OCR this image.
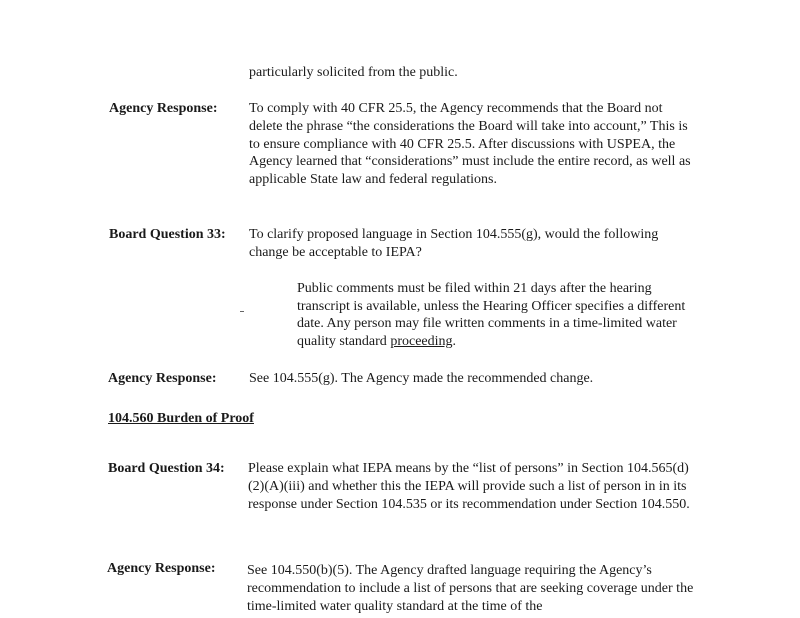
particularly solicited from the public.
Agency Response: To comply with 40 CFR 25.5, the Agency recommends that the Board not delete the phrase “the considerations the Board will take into account,” This is to ensure compliance with 40 CFR 25.5. After discussions with USPEA, the Agency learned that “considerations” must include the entire record, as well as applicable State law and federal regulations.
Board Question 33: To clarify proposed language in Section 104.555(g), would the following change be acceptable to IEPA?
Public comments must be filed within 21 days after the hearing transcript is available, unless the Hearing Officer specifies a different date. Any person may file written comments in a time-limited water quality standard proceeding.
Agency Response: See 104.555(g). The Agency made the recommended change.
104.560 Burden of Proof
Board Question 34: Please explain what IEPA means by the “list of persons” in Section 104.565(d)(2)(A)(iii) and whether this the IEPA will provide such a list of person in in its response under Section 104.535 or its recommendation under Section 104.550.
Agency Response: See 104.550(b)(5). The Agency drafted language requiring the Agency’s recommendation to include a list of persons that are seeking coverage under the time-limited water quality standard at the time of the
